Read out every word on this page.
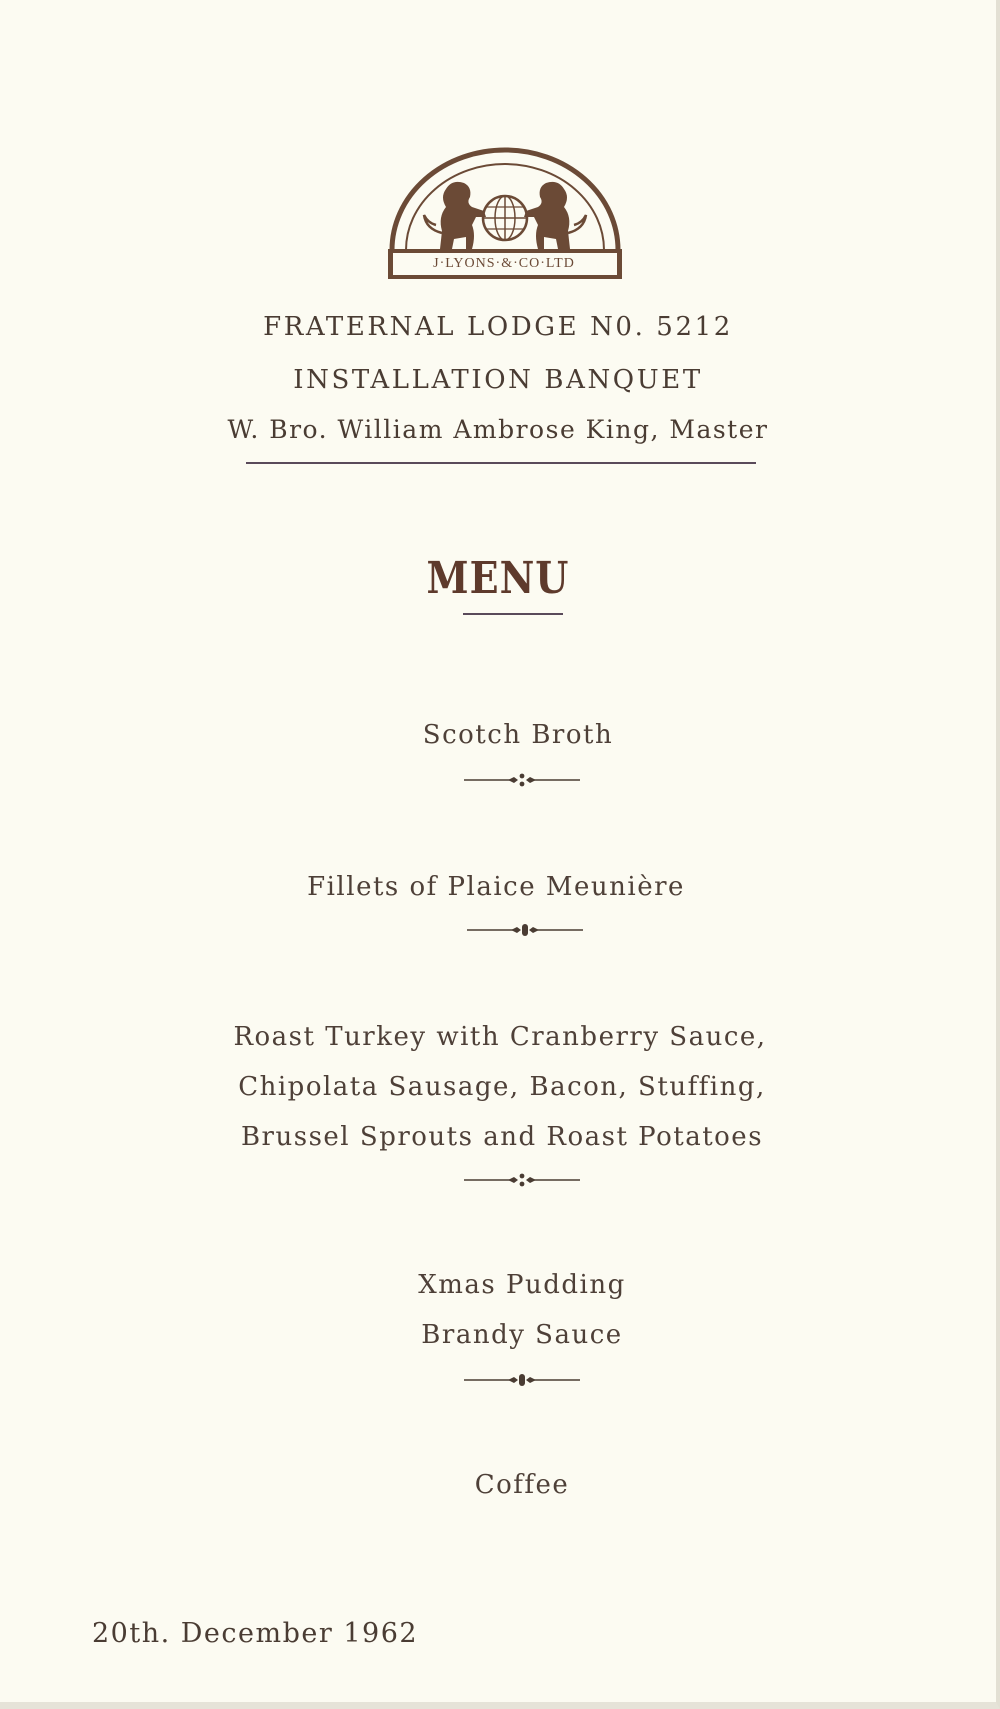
J·LYONS·&·CO·LTD
FRATERNAL LODGE N0. 5212
INSTALLATION BANQUET
W. Bro. William Ambrose King, Master
MENU
Scotch Broth
Fillets of Plaice Meunière
Roast Turkey with Cranberry Sauce,
Chipolata Sausage, Bacon, Stuffing,
Brussel Sprouts and Roast Potatoes
Xmas Pudding
Brandy Sauce
Coffee
20th. December 1962
